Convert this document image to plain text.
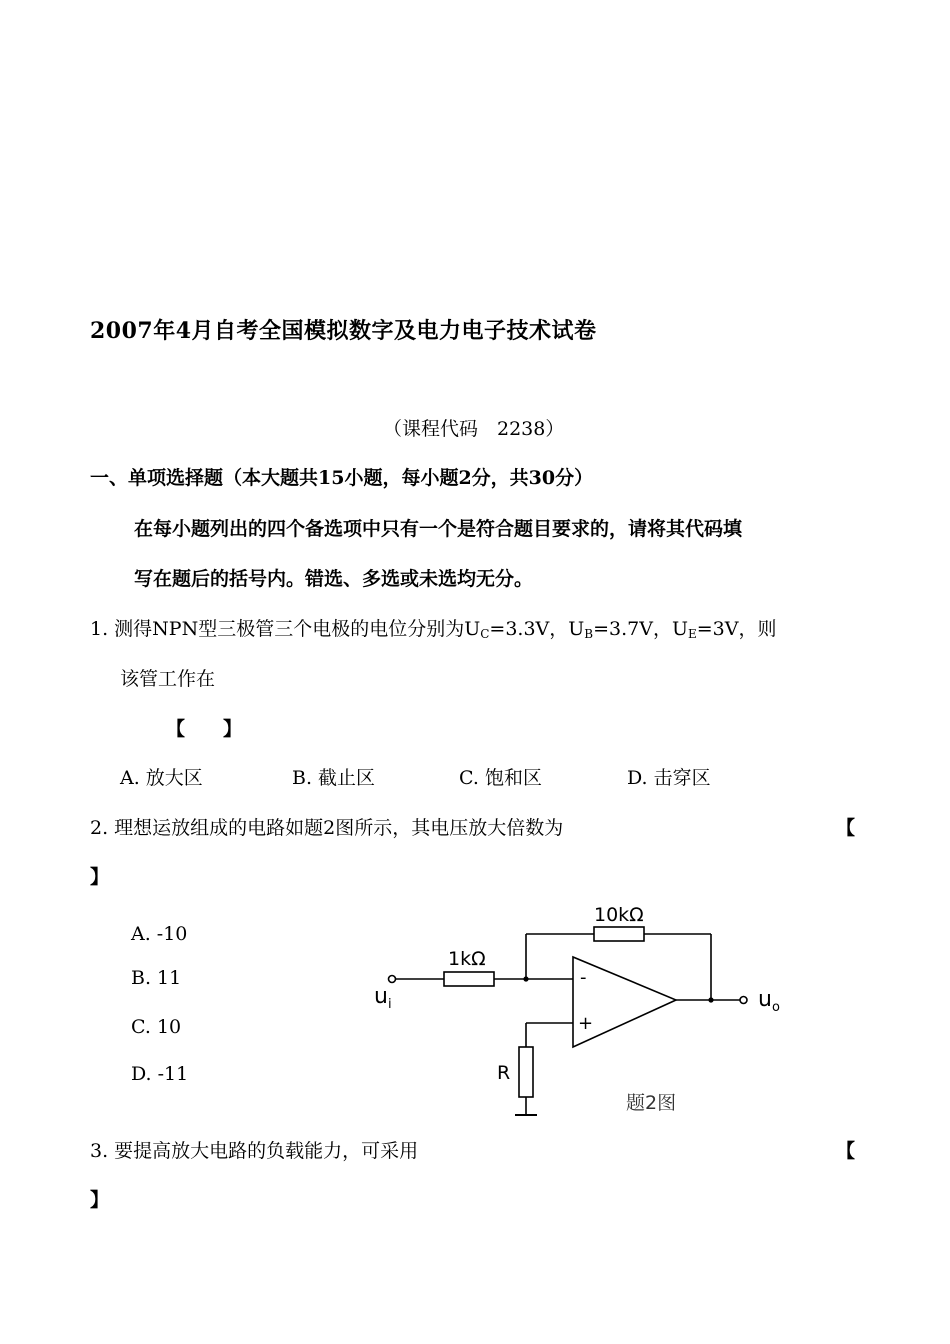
2007年4月自考全国模拟数字及电力电子技术试卷
（课程代码　2238）
一、单项选择题（本大题共15小题，每小题2分，共30分）
在每小题列出的四个备选项中只有一个是符合题目要求的，请将其代码填
写在题后的括号内。错选、多选或未选均无分。
1. 测得NPN型三极管三个电极的电位分别为$U_C=3.3V$，$U_B=3.7V$，$U_E=3V$，则
该管工作在
【　　】
A. 放大区	B. 截止区	C. 饱和区	D. 击穿区
2. 理想运放组成的电路如题2图所示，其电压放大倍数为	【
】
A. -10
B. 11
C. 10
D. -11
10kΩ
1kΩ
R
$u_i$	$u_o$
-
+
题2图
3. 要提高放大电路的负载能力，可采用	【
】
